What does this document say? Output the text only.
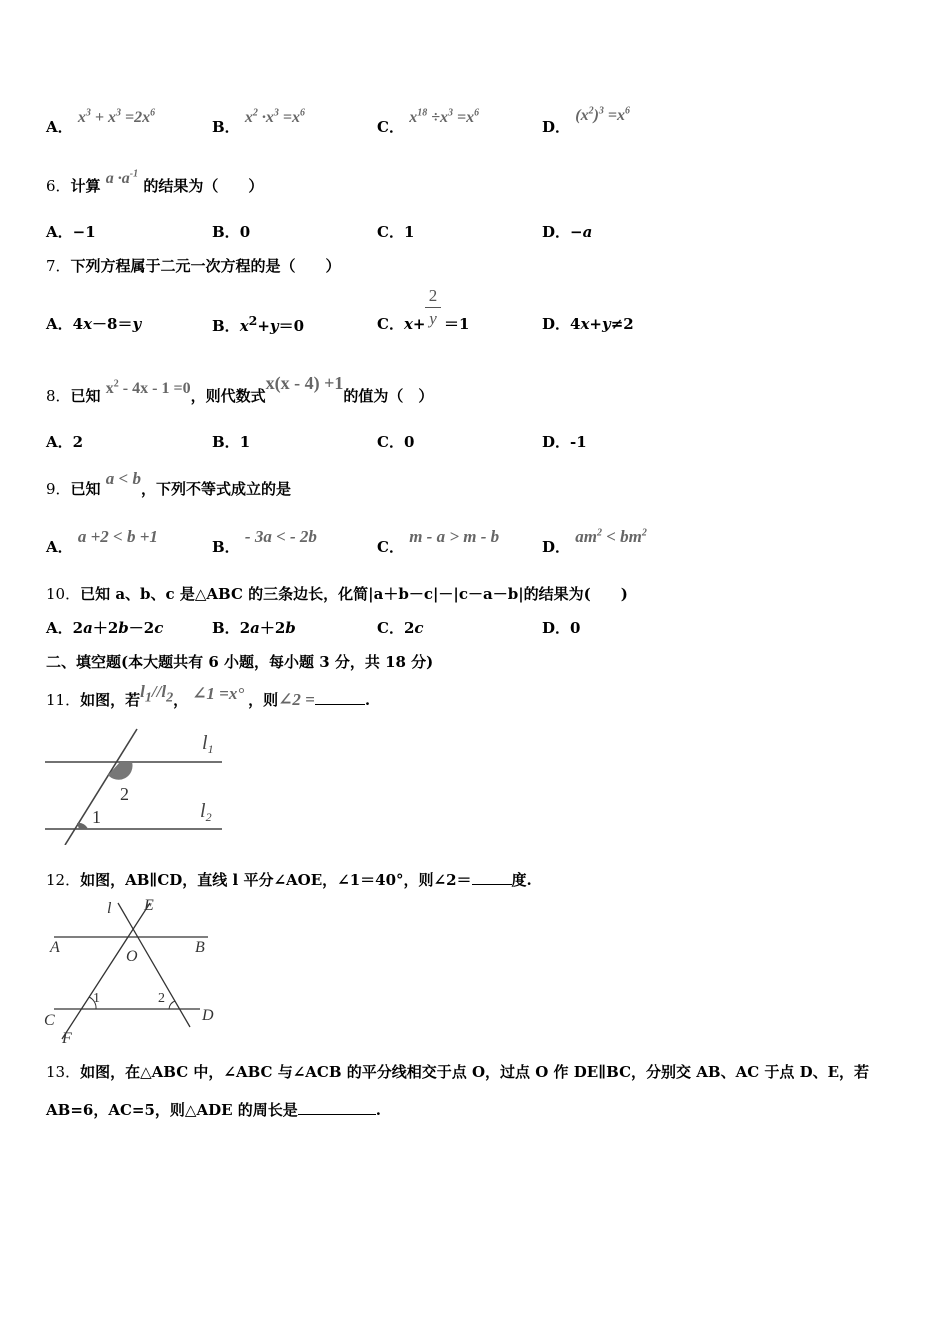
A． $x^3 + x^3 =2x^6$
B． $x^2 \cdot x^3 =x^6$
C． $x^{18} \div x^3 =x^6$
D． $(x^2)^3 =x^6$
6．计算 $a \cdot a^{-1}$ 的结果为（　　）
A．−1	B．0	C．1	D．−a
7．下列方程属于二元一次方程的是（　　）
A．4x－8＝y	B．$x^2+y=0$	C．x+
2
y ＝1	D．4x+y≠2
8．已知 $x^2 - 4x - 1 =0$，则代数式x(x - 4) +1的值为（　）
A．2	B．1	C．0	D．-1
9．已知 a < b，下列不等式成立的是
A． a +2 < b +1
B． - 3a < - 2b
C． m - a > m - b
D． $am^2 < bm^2$
10．已知 a、b、c 是△ABC 的三条边长，化简|a＋b－c|－|c－a－b|的结果为(　　)
A．2a＋2b－2c	B．2a＋2b	C．2c	D．0
二、填空题(本大题共有 6 小题，每小题 3 分，共 18 分)
11．如图，若$l_1//l_2$， ∠1 =x° ，则∠2 =	.
$l_1$
$l_2$
2
1
12．如图，AB∥CD，直线 l 平分∠AOE，∠1＝40°，则∠2＝	度.
l E
A	B
O
C	D
F
1	2
13．如图，在△ABC 中，∠ABC 与∠ACB 的平分线相交于点 O，过点 O 作 DE∥BC，分别交 AB、AC 于点 D、E，若
AB=6，AC=5，则△ADE 的周长是	.
